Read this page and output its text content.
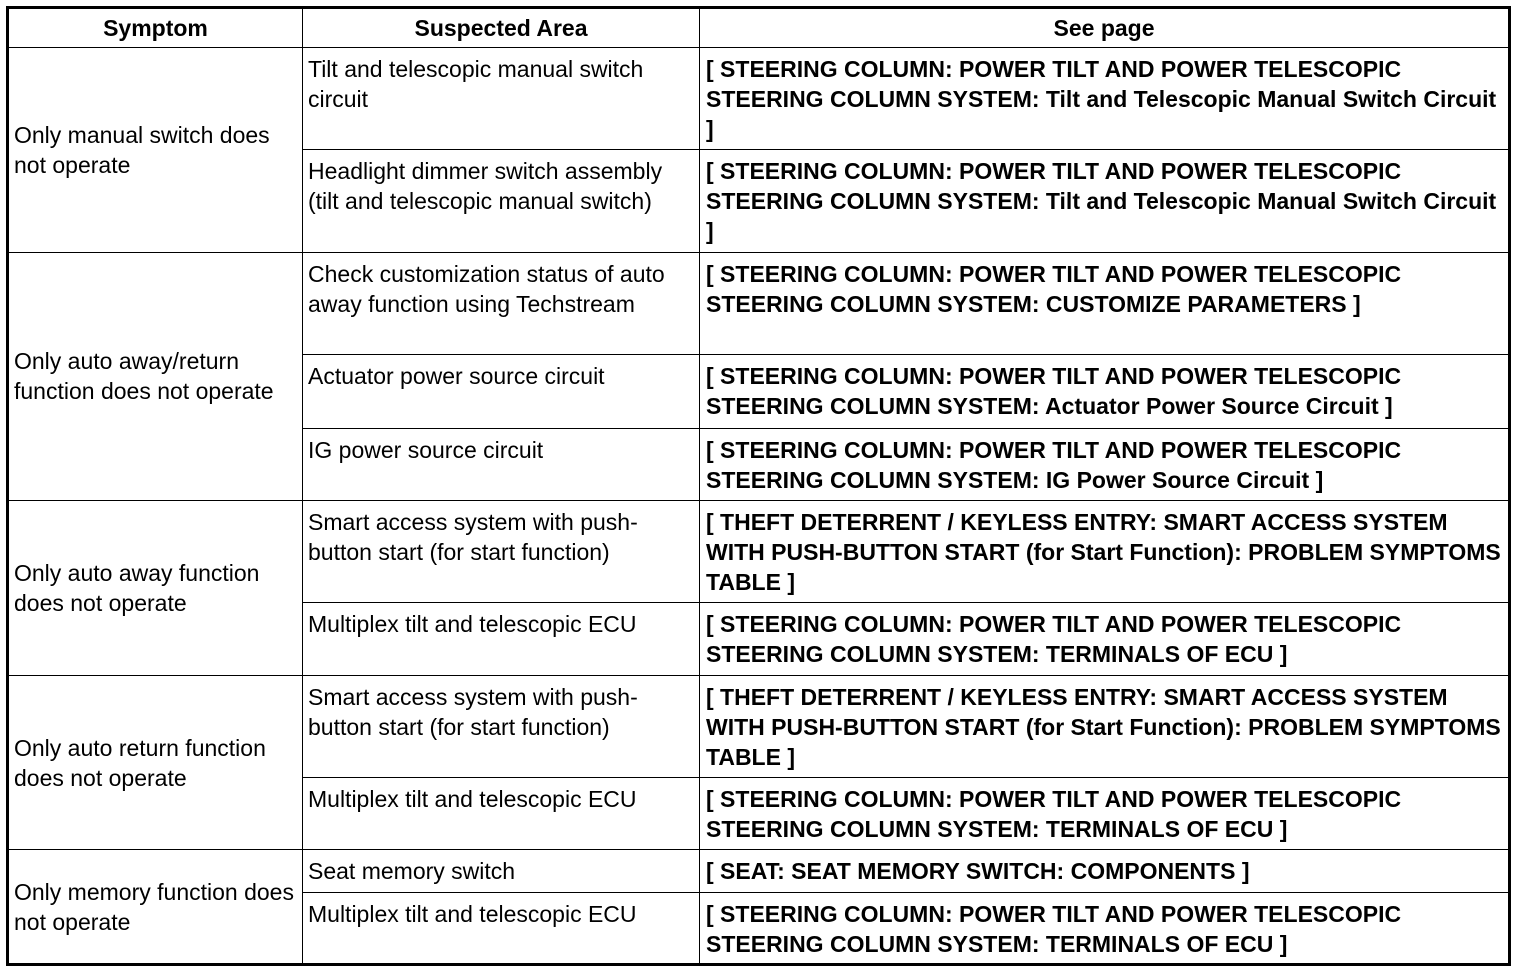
Symptom	Suspected Area	See page
Only manual switch does not operate	Tilt and telescopic manual switch circuit	[ STEERING COLUMN: POWER TILT AND POWER TELESCOPIC STEERING COLUMN SYSTEM: Tilt and Telescopic Manual Switch Circuit ]
	Headlight dimmer switch assembly (tilt and telescopic manual switch)	[ STEERING COLUMN: POWER TILT AND POWER TELESCOPIC STEERING COLUMN SYSTEM: Tilt and Telescopic Manual Switch Circuit ]
Only auto away/return function does not operate	Check customization status of auto away function using Techstream	[ STEERING COLUMN: POWER TILT AND POWER TELESCOPIC STEERING COLUMN SYSTEM: CUSTOMIZE PARAMETERS ]
	Actuator power source circuit	[ STEERING COLUMN: POWER TILT AND POWER TELESCOPIC STEERING COLUMN SYSTEM: Actuator Power Source Circuit ]
	IG power source circuit	[ STEERING COLUMN: POWER TILT AND POWER TELESCOPIC STEERING COLUMN SYSTEM: IG Power Source Circuit ]
Only auto away function does not operate	Smart access system with push-button start (for start function)	[ THEFT DETERRENT / KEYLESS ENTRY: SMART ACCESS SYSTEM WITH PUSH-BUTTON START (for Start Function): PROBLEM SYMPTOMS TABLE ]
	Multiplex tilt and telescopic ECU	[ STEERING COLUMN: POWER TILT AND POWER TELESCOPIC STEERING COLUMN SYSTEM: TERMINALS OF ECU ]
Only auto return function does not operate	Smart access system with push-button start (for start function)	[ THEFT DETERRENT / KEYLESS ENTRY: SMART ACCESS SYSTEM WITH PUSH-BUTTON START (for Start Function): PROBLEM SYMPTOMS TABLE ]
	Multiplex tilt and telescopic ECU	[ STEERING COLUMN: POWER TILT AND POWER TELESCOPIC STEERING COLUMN SYSTEM: TERMINALS OF ECU ]
Only memory function does not operate	Seat memory switch	[ SEAT: SEAT MEMORY SWITCH: COMPONENTS ]
	Multiplex tilt and telescopic ECU	[ STEERING COLUMN: POWER TILT AND POWER TELESCOPIC STEERING COLUMN SYSTEM: TERMINALS OF ECU ]
